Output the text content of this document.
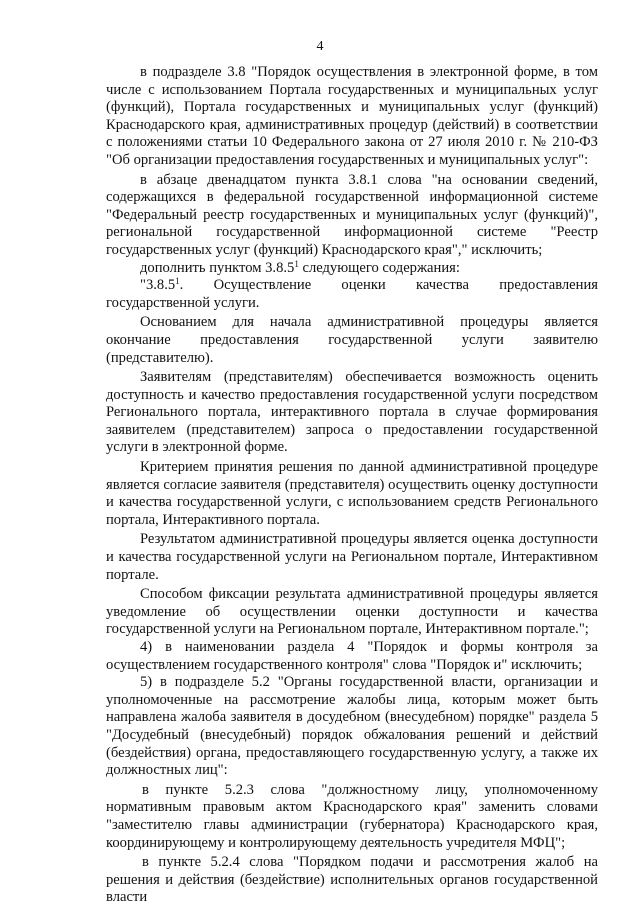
4

в подразделе 3.8 "Порядок осуществления в электронной форме, в том числе с использованием Портала государственных и муниципальных услуг (функций), Портала государственных и муниципальных услуг (функций) Краснодарского края, административных процедур (действий) в соответствии с положениями статьи 10 Федерального закона от 27 июля 2010 г. № 210-ФЗ "Об организации предоставления государственных и муниципальных услуг":

в абзаце двенадцатом пункта 3.8.1 слова "на основании сведений, содержащихся в федеральной государственной информационной системе "Федеральный реестр государственных и муниципальных услуг (функций)", региональной государственной информационной системе "Реестр государственных услуг (функций) Краснодарского края"," исключить;

дополнить пунктом 3.8.5$^1$ следующего содержания:

"3.8.5$^1$. Осуществление оценки качества предоставления государственной услуги.

Основанием для начала административной процедуры является окончание предоставления государственной услуги заявителю (представителю).

Заявителям (представителям) обеспечивается возможность оценить доступность и качество предоставления государственной услуги посредством Регионального портала, интерактивного портала в случае формирования заявителем (представителем) запроса о предоставлении государственной услуги в электронной форме.

Критерием принятия решения по данной административной процедуре является согласие заявителя (представителя) осуществить оценку доступности и качества государственной услуги, с использованием средств Регионального портала, Интерактивного портала.

Результатом административной процедуры является оценка доступности и качества государственной услуги на Региональном портале, Интерактивном портале.

Способом фиксации результата административной процедуры является уведомление об осуществлении оценки доступности и качества государственной услуги на Региональном портале, Интерактивном портале.";

4) в наименовании раздела 4 "Порядок и формы контроля за осуществлением государственного контроля" слова "Порядок и" исключить;

5) в подразделе 5.2 "Органы государственной власти, организации и уполномоченные на рассмотрение жалобы лица, которым может быть направлена жалоба заявителя в досудебном (внесудебном) порядке" раздела 5 "Досудебный (внесудебный) порядок обжалования решений и действий (бездействия) органа, предоставляющего государственную услугу, а также их должностных лиц":

в пункте 5.2.3 слова "должностному лицу, уполномоченному нормативным правовым актом Краснодарского края" заменить словами "заместителю главы администрации (губернатора) Краснодарского края, координирующему и контролирующему деятельность учредителя МФЦ";

в пункте 5.2.4 слова "Порядком подачи и рассмотрения жалоб на решения и действия (бездействие) исполнительных органов государственной власти
